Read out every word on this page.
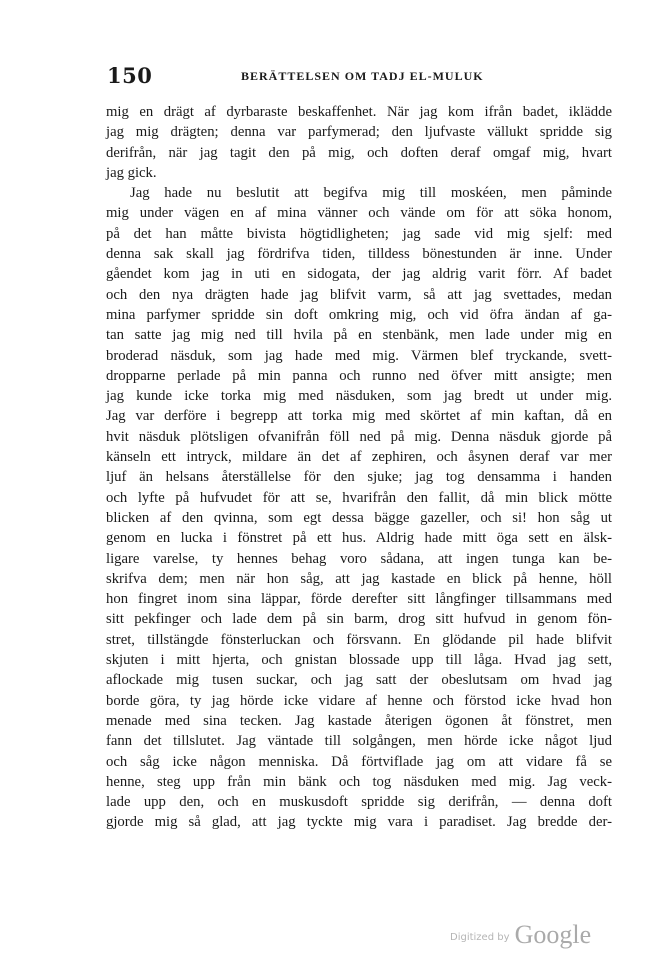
150	BERÄTTELSEN OM TADJ EL-MULUK
mig en drägt af dyrbaraste beskaffenhet. När jag kom ifrån badet, ikläddе
jag mig drägten; denna var parfymerad; den ljufvaste vällukt spridde sig
derifrån, när jag tagit den på mig, och doften deraf omgaf mig, hvart
jag gick.
Jag hade nu beslutit att begifva mig till moskéen, men påminde
mig under vägen en af mina vänner och vände om för att söka honom,
på det han måtte bivista högtidligheten; jag sade vid mig sjelf: med
denna sak skall jag fördrifva tiden, tilldess bönestunden är inne. Under
gåendet kom jag in uti en sidogata, der jag aldrig varit förr. Af badet
och den nya drägten hade jag blifvit varm, så att jag svettades, medan
mina parfymer spridde sin doft omkring mig, och vid öfra ändan af ga-
tan satte jag mig ned till hvila på en stenbänk, men lade under mig en
broderad näsduk, som jag hade med mig. Värmen blef tryckande, svett-
dropparne perlade på min panna och runno ned öfver mitt ansigte; men
jag kunde icke torka mig med näsduken, som jag bredt ut under mig.
Jag var derföre i begrepp att torka mig med skörtet af min kaftan, då en
hvit näsduk plötsligen ofvanifrån föll ned på mig. Denna näsduk gjorde på
känseln ett intryck, mildare än det af zephiren, och åsynen deraf var mer
ljuf än helsans återställelse för den sjuke; jag tog densamma i handen
och lyfte på hufvudet för att se, hvarifrån den fallit, då min blick mötte
blicken af den qvinna, som egt dessa bägge gazeller, och si! hon såg ut
genom en lucka i fönstret på ett hus. Aldrig hade mitt öga sett en älsk-
ligare varelse, ty hennes behag voro sådana, att ingen tunga kan be-
skrifva dem; men när hon såg, att jag kastade en blick på henne, höll
hon fingret inom sina läppar, förde derefter sitt långfinger tillsammans med
sitt pekfinger och lade dem på sin barm, drog sitt hufvud in genom fön-
stret, tillstängde fönsterluckan och försvann. En glödande pil hade blifvit
skjuten i mitt hjerta, och gnistan blossade upp till låga. Hvad jag sett,
aflockade mig tusen suckar, och jag satt der obeslutsam om hvad jag
borde göra, ty jag hörde icke vidare af henne och förstod icke hvad hon
menade med sina tecken. Jag kastade återigen ögonen åt fönstret, men
fann det tillslutet. Jag väntade till solgången, men hörde icke något ljud
och såg icke någon menniska. Då förtviflade jag om att vidare få se
henne, steg upp från min bänk och tog näsduken med mig. Jag veck-
lade upp den, och en muskusdoft spridde sig derifrån, — denna doft
gjorde mig så glad, att jag tyckte mig vara i paradiset. Jag bredde der-
Digitized by Google
